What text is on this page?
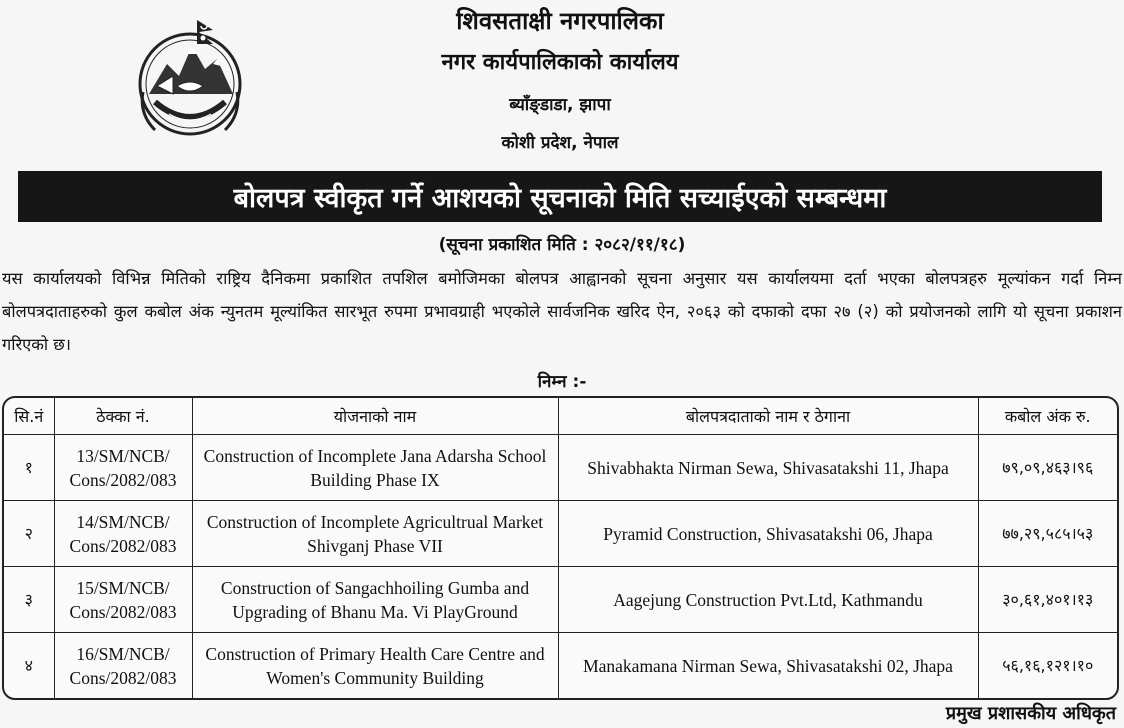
शिवसताक्षी नगरपालिका
नगर कार्यपालिकाको कार्यालय
ब्याँङ्डाडा, झापा
कोशी प्रदेश, नेपाल
बोलपत्र स्वीकृत गर्ने आशयको सूचनाको मिति सच्याईएको सम्बन्धमा
(सूचना प्रकाशित मिति : २०८२/११/१८)
यस कार्यालयको विभिन्न मितिको राष्ट्रिय दैनिकमा प्रकाशित तपशिल बमोजिमका बोलपत्र आह्वानको सूचना अनुसार यस कार्यालयमा दर्ता भएका बोलपत्रहरु मूल्यांकन गर्दा निम्न बोलपत्रदाताहरुको कुल कबोल अंक न्युनतम मूल्यांकित सारभूत रुपमा प्रभावग्राही भएकोले सार्वजनिक खरिद ऐन, २०६३ को दफाको दफा २७ (२) को प्रयोजनको लागि यो सूचना प्रकाशन गरिएको छ।
निम्न :-
सि.नं	ठेक्का नं.	योजनाको नाम	बोलपत्रदाताको नाम र ठेगाना	कबोल अंक रु.
१	13/SM/NCB/ Cons/2082/083	Construction of Incomplete Jana Adarsha School Building Phase IX	Shivabhakta Nirman Sewa, Shivasatakshi 11, Jhapa	७९,०९,४६३।९६
२	14/SM/NCB/ Cons/2082/083	Construction of Incomplete Agricultrual Market Shivganj Phase VII	Pyramid Construction, Shivasatakshi 06, Jhapa	७७,२९,५८५।५३
३	15/SM/NCB/ Cons/2082/083	Construction of Sangachhoiling Gumba and Upgrading of Bhanu Ma. Vi PlayGround	Aagejung Construction Pvt.Ltd, Kathmandu	३०,६१,४०१।१३
४	16/SM/NCB/ Cons/2082/083	Construction of Primary Health Care Centre and Women's Community Building	Manakamana Nirman Sewa, Shivasatakshi 02, Jhapa	५६,१६,१२१।१०
प्रमुख प्रशासकीय अधिकृत
